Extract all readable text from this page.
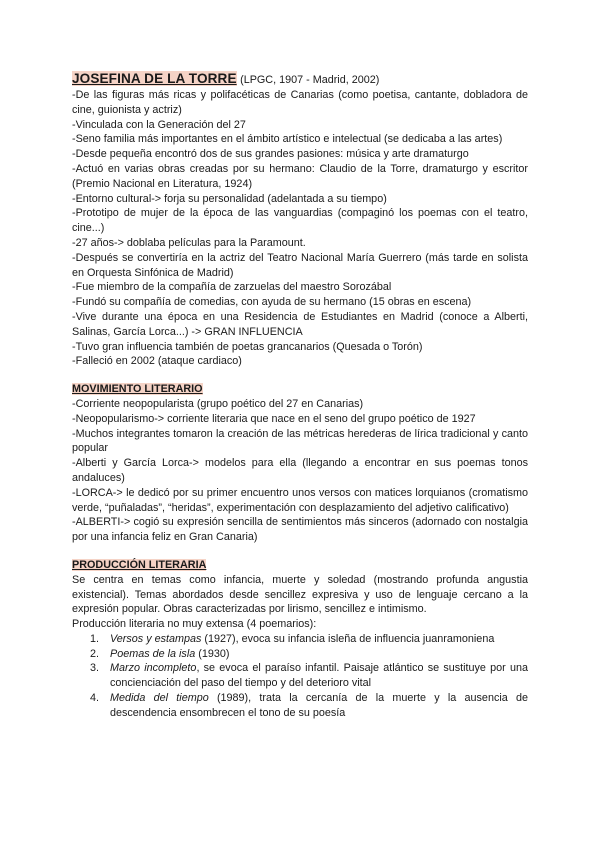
JOSEFINA DE LA TORRE (LPGC, 1907 - Madrid, 2002)

-De las figuras más ricas y polifacéticas de Canarias (como poetisa, cantante, dobladora de cine, guionista y actriz)

-Vinculada con la Generación del 27

-Seno familia más importantes en el ámbito artístico e intelectual (se dedicaba a las artes)

-Desde pequeña encontró dos de sus grandes pasiones: música y arte dramaturgo

-Actuó en varias obras creadas por su hermano: Claudio de la Torre, dramaturgo y escritor (Premio Nacional en Literatura, 1924)

-Entorno cultural-> forja su personalidad (adelantada a su tiempo)

-Prototipo de mujer de la época de las vanguardias (compaginó los poemas con el teatro, cine...)

-27 años-> doblaba películas para la Paramount.

-Después se convertiría en la actriz del Teatro Nacional María Guerrero (más tarde en solista en Orquesta Sinfónica de Madrid)

-Fue miembro de la compañía de zarzuelas del maestro Sorozábal

-Fundó su compañía de comedias, con ayuda de su hermano (15 obras en escena)

-Vive durante una época en una Residencia de Estudiantes en Madrid (conoce a Alberti, Salinas, García Lorca...) -> GRAN INFLUENCIA

-Tuvo gran influencia también de poetas grancanarios (Quesada o Torón)

-Falleció en 2002 (ataque cardiaco)

MOVIMIENTO LITERARIO

-Corriente neopopularista (grupo poético del 27 en Canarias)

-Neopopularismo-> corriente literaria que nace en el seno del grupo poético de 1927

-Muchos integrantes tomaron la creación de las métricas herederas de lírica tradicional y canto popular

-Alberti y García Lorca-> modelos para ella (llegando a encontrar en sus poemas tonos andaluces)

-LORCA-> le dedicó por su primer encuentro unos versos con matices lorquianos (cromatismo verde, “puñaladas”, “heridas”, experimentación con desplazamiento del adjetivo calificativo)

-ALBERTI-> cogió su expresión sencilla de sentimientos más sinceros (adornado con nostalgia por una infancia feliz en Gran Canaria)

PRODUCCIÓN LITERARIA

Se centra en temas como infancia, muerte y soledad (mostrando profunda angustia existencial). Temas abordados desde sencillez expresiva y uso de lenguaje cercano a la expresión popular. Obras caracterizadas por lirismo, sencillez e intimismo.

Producción literaria no muy extensa (4 poemarios):

1. Versos y estampas (1927), evoca su infancia isleña de influencia juanramoniena
2. Poemas de la isla (1930)
3. Marzo incompleto, se evoca el paraíso infantil. Paisaje atlántico se sustituye por una concienciación del paso del tiempo y del deterioro vital
4. Medida del tiempo (1989), trata la cercanía de la muerte y la ausencia de descendencia ensombrecen el tono de su poesía
